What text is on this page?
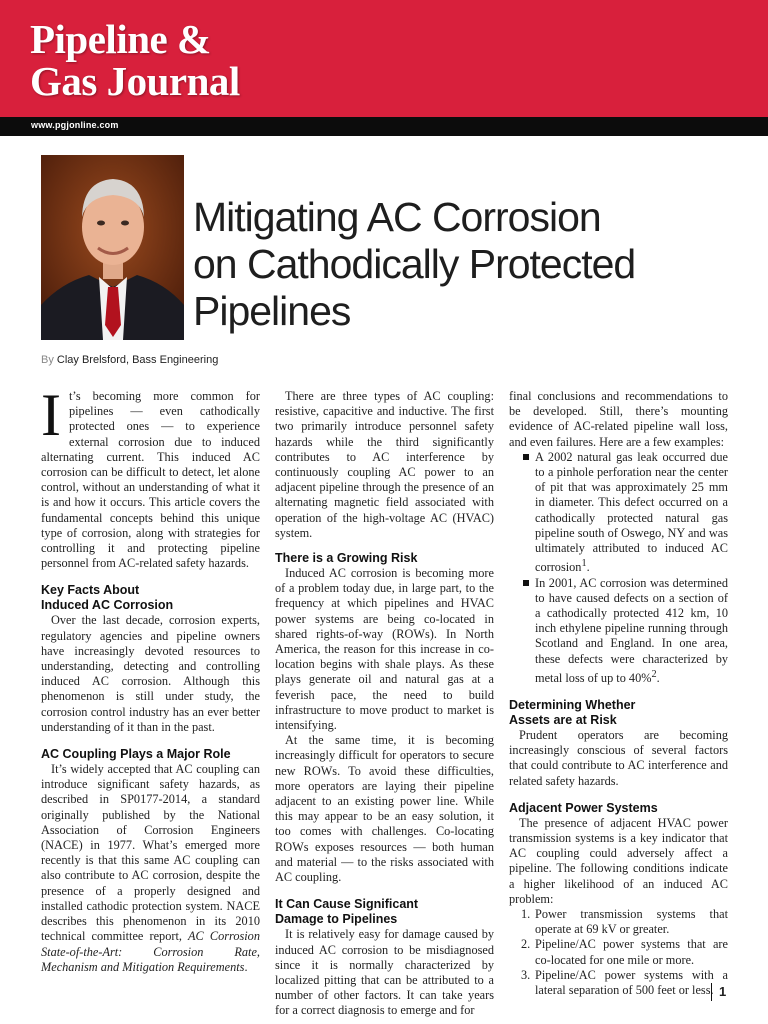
Pipeline &
Gas Journal
www.pgjonline.com
Mitigating AC Corrosion
on Cathodically Protected
Pipelines
By Clay Brelsford, Bass Engineering

It’s becoming more common for pipelines — even cathodically protected ones — to experience external corrosion due to induced alternating current. This induced AC corrosion can be difficult to detect, let alone control, without an understanding of what it is and how it occurs. This article covers the fundamental concepts behind this unique type of corrosion, along with strategies for controlling it and protecting pipeline personnel from AC-related safety hazards.

Key Facts About
Induced AC Corrosion

Over the last decade, corrosion experts, regulatory agencies and pipeline owners have increasingly devoted resources to understanding, detecting and controlling induced AC corrosion. Although this phenomenon is still under study, the corrosion control industry has an ever better understanding of it than in the past.

AC Coupling Plays a Major Role

It’s widely accepted that AC coupling can introduce significant safety hazards, as described in SP0177-2014, a standard originally published by the National Association of Corrosion Engineers (NACE) in 1977. What’s emerged more recently is that this same AC coupling can also contribute to AC corrosion, despite the presence of a properly designed and installed cathodic protection system. NACE describes this phenomenon in its 2010 technical committee report, AC Corrosion State-of-the-Art: Corrosion Rate, Mechanism and Mitigation Requirements.

There are three types of AC coupling: resistive, capacitive and inductive. The first two primarily introduce personnel safety hazards while the third significantly contributes to AC interference by continuously coupling AC power to an adjacent pipeline through the presence of an alternating magnetic field associated with operation of the high-voltage AC (HVAC) system.

There is a Growing Risk

Induced AC corrosion is becoming more of a problem today due, in large part, to the frequency at which pipelines and HVAC power systems are being co-located in shared rights-of-way (ROWs). In North America, the reason for this increase in co-location begins with shale plays. As these plays generate oil and natural gas at a feverish pace, the need to build infrastructure to move product to market is intensifying.

At the same time, it is becoming increasingly difficult for operators to secure new ROWs. To avoid these difficulties, more operators are laying their pipeline adjacent to an existing power line. While this may appear to be an easy solution, it too comes with challenges. Co-locating ROWs exposes resources — both human and material — to the risks associated with AC coupling.

It Can Cause Significant
Damage to Pipelines

It is relatively easy for damage caused by induced AC corrosion to be misdiagnosed since it is normally characterized by localized pitting that can be attributed to a number of other factors. It can take years for a correct diagnosis to emerge and for

final conclusions and recommendations to be developed. Still, there’s mounting evidence of AC-related pipeline wall loss, and even failures. Here are a few examples:

A 2002 natural gas leak occurred due to a pinhole perforation near the center of pit that was approximately 25 mm in diameter. This defect occurred on a cathodically protected natural gas pipeline south of Oswego, NY and was ultimately attributed to induced AC corrosion$^1$.
In 2001, AC corrosion was determined to have caused defects on a section of a cathodically protected 412 km, 10 inch ethylene pipeline running through Scotland and England. In one area, these defects were characterized by metal loss of up to 40%$^2$.
Determining Whether
Assets are at Risk

Prudent operators are becoming increasingly conscious of several factors that could contribute to AC interference and related safety hazards.

Adjacent Power Systems

The presence of adjacent HVAC power transmission systems is a key indicator that AC coupling could adversely affect a pipeline. The following conditions indicate a higher likelihood of an induced AC problem:

1. Power transmission systems that operate at 69 kV or greater.
2. Pipeline/AC power systems that are co-located for one mile or more.
3. Pipeline/AC power systems with a lateral separation of 500 feet or less. 1
